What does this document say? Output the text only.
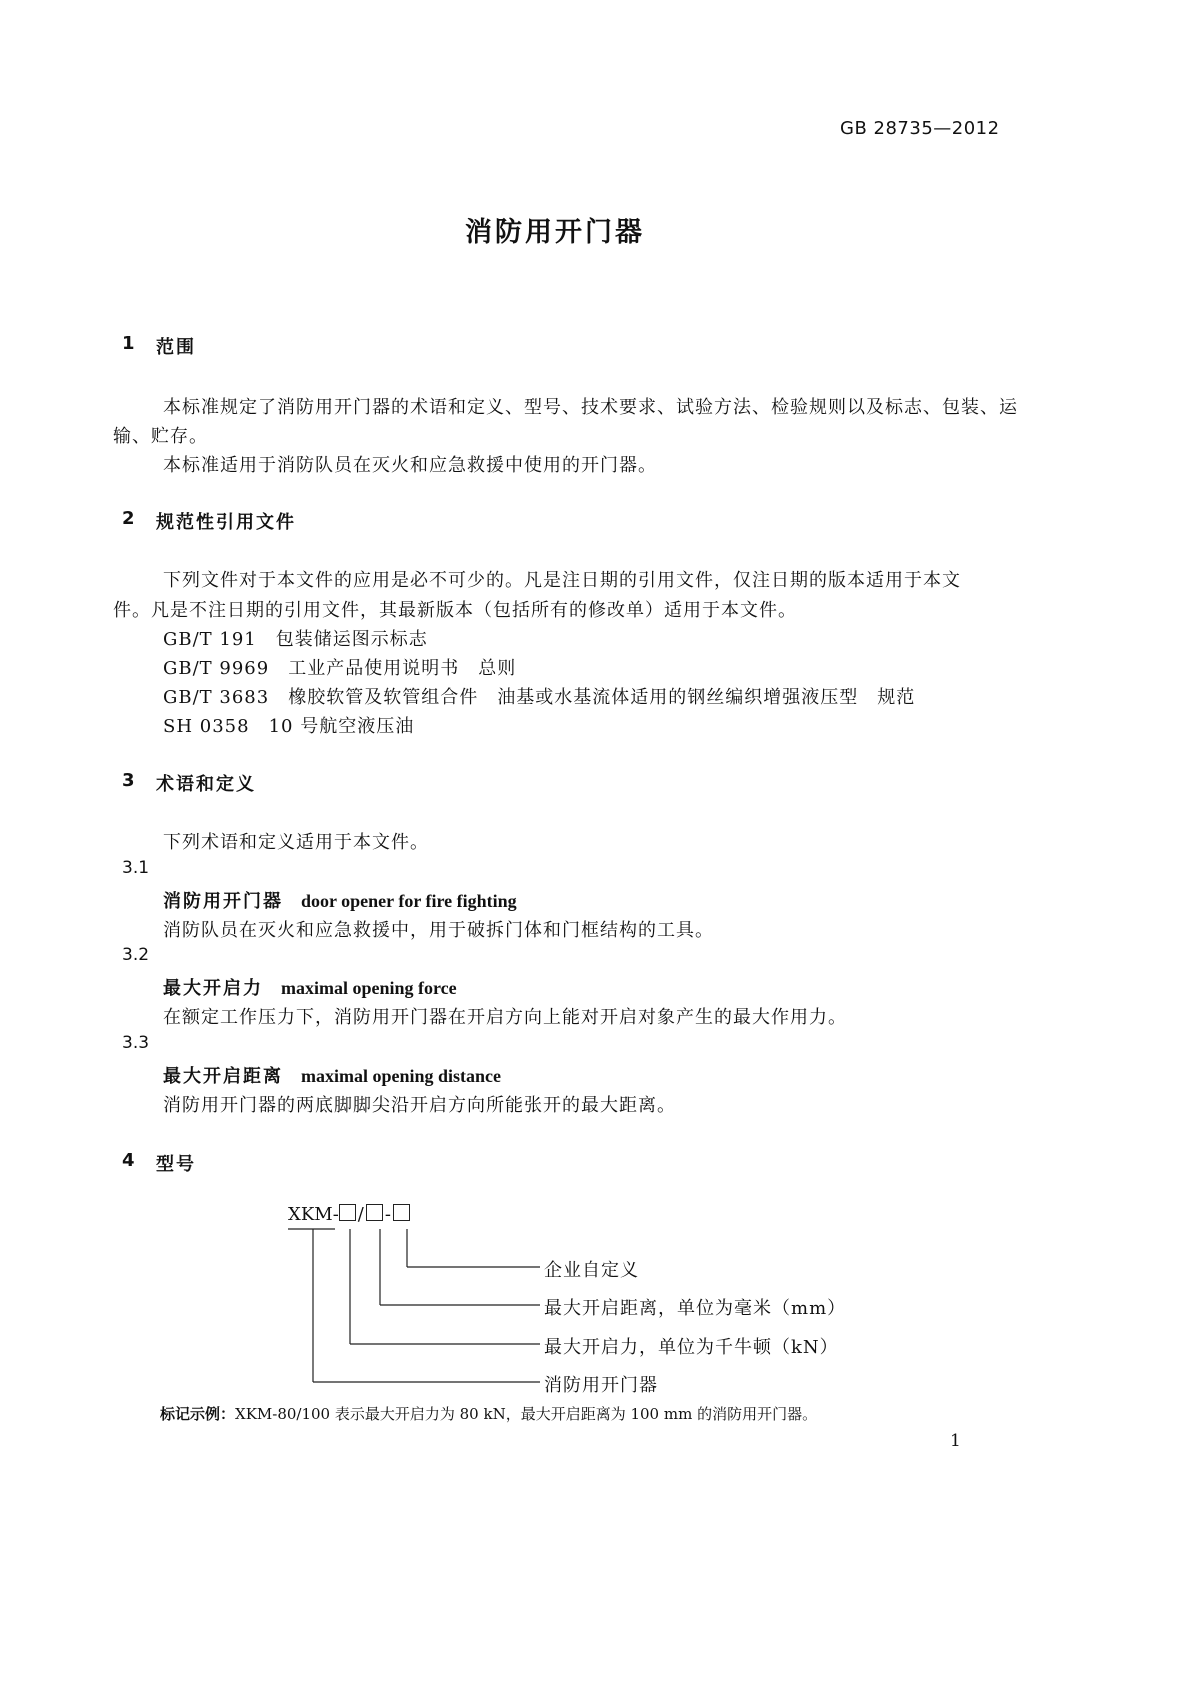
GB 28735—2012
消防用开门器
1 范围
本标准规定了消防用开门器的术语和定义、型号、技术要求、试验方法、检验规则以及标志、包装、运
输、贮存。
本标准适用于消防队员在灭火和应急救援中使用的开门器。
2 规范性引用文件
下列文件对于本文件的应用是必不可少的。凡是注日期的引用文件，仅注日期的版本适用于本文
件。凡是不注日期的引用文件，其最新版本（包括所有的修改单）适用于本文件。
GB/T 191　 包装储运图示标志
GB/T 9969　 工业产品使用说明书　总则
GB/T 3683　 橡胶软管及软管组合件　油基或水基流体适用的钢丝编织增强液压型　规范
SH 0358　 10 号航空液压油
3 术语和定义
下列术语和定义适用于本文件。
3.1
消防用开门器　 door opener for fire fighting
消防队员在灭火和应急救援中，用于破拆门体和门框结构的工具。
3.2
最大开启力　 maximal opening force
在额定工作压力下，消防用开门器在开启方向上能对开启对象产生的最大作用力。
3.3
最大开启距离　 maximal opening distance
消防用开门器的两底脚脚尖沿开启方向所能张开的最大距离。
4 型号
XKM- / -
企业自定义
最大开启距离，单位为毫米（mm）
最大开启力，单位为千牛顿（kN）
消防用开门器
标记示例：XKM-80/100 表示最大开启力为 80 kN，最大开启距离为 100 mm 的消防用开门器。
1
